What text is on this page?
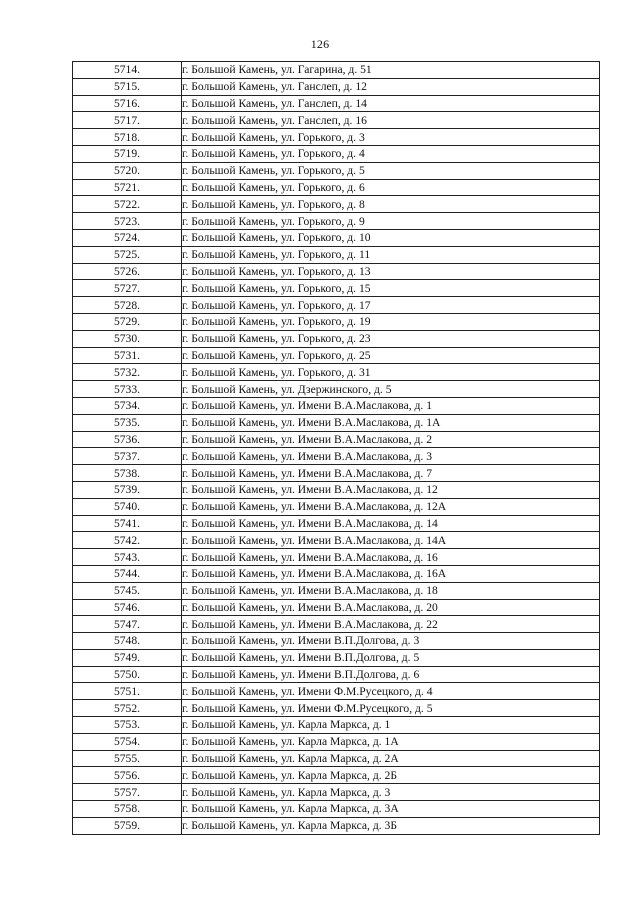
126
5714.	г. Большой Камень, ул. Гагарина, д. 51
5715.	г. Большой Камень, ул. Ганслеп, д. 12
5716.	г. Большой Камень, ул. Ганслеп, д. 14
5717.	г. Большой Камень, ул. Ганслеп, д. 16
5718.	г. Большой Камень, ул. Горького, д. 3
5719.	г. Большой Камень, ул. Горького, д. 4
5720.	г. Большой Камень, ул. Горького, д. 5
5721.	г. Большой Камень, ул. Горького, д. 6
5722.	г. Большой Камень, ул. Горького, д. 8
5723.	г. Большой Камень, ул. Горького, д. 9
5724.	г. Большой Камень, ул. Горького, д. 10
5725.	г. Большой Камень, ул. Горького, д. 11
5726.	г. Большой Камень, ул. Горького, д. 13
5727.	г. Большой Камень, ул. Горького, д. 15
5728.	г. Большой Камень, ул. Горького, д. 17
5729.	г. Большой Камень, ул. Горького, д. 19
5730.	г. Большой Камень, ул. Горького, д. 23
5731.	г. Большой Камень, ул. Горького, д. 25
5732.	г. Большой Камень, ул. Горького, д. 31
5733.	г. Большой Камень, ул. Дзержинского, д. 5
5734.	г. Большой Камень, ул. Имени В.А.Маслакова, д. 1
5735.	г. Большой Камень, ул. Имени В.А.Маслакова, д. 1А
5736.	г. Большой Камень, ул. Имени В.А.Маслакова, д. 2
5737.	г. Большой Камень, ул. Имени В.А.Маслакова, д. 3
5738.	г. Большой Камень, ул. Имени В.А.Маслакова, д. 7
5739.	г. Большой Камень, ул. Имени В.А.Маслакова, д. 12
5740.	г. Большой Камень, ул. Имени В.А.Маслакова, д. 12А
5741.	г. Большой Камень, ул. Имени В.А.Маслакова, д. 14
5742.	г. Большой Камень, ул. Имени В.А.Маслакова, д. 14А
5743.	г. Большой Камень, ул. Имени В.А.Маслакова, д. 16
5744.	г. Большой Камень, ул. Имени В.А.Маслакова, д. 16А
5745.	г. Большой Камень, ул. Имени В.А.Маслакова, д. 18
5746.	г. Большой Камень, ул. Имени В.А.Маслакова, д. 20
5747.	г. Большой Камень, ул. Имени В.А.Маслакова, д. 22
5748.	г. Большой Камень, ул. Имени В.П.Долгова, д. 3
5749.	г. Большой Камень, ул. Имени В.П.Долгова, д. 5
5750.	г. Большой Камень, ул. Имени В.П.Долгова, д. 6
5751.	г. Большой Камень, ул. Имени Ф.М.Русецкого, д. 4
5752.	г. Большой Камень, ул. Имени Ф.М.Русецкого, д. 5
5753.	г. Большой Камень, ул. Карла Маркса, д. 1
5754.	г. Большой Камень, ул. Карла Маркса, д. 1А
5755.	г. Большой Камень, ул. Карла Маркса, д. 2А
5756.	г. Большой Камень, ул. Карла Маркса, д. 2Б
5757.	г. Большой Камень, ул. Карла Маркса, д. 3
5758.	г. Большой Камень, ул. Карла Маркса, д. 3А
5759.	г. Большой Камень, ул. Карла Маркса, д. 3Б
